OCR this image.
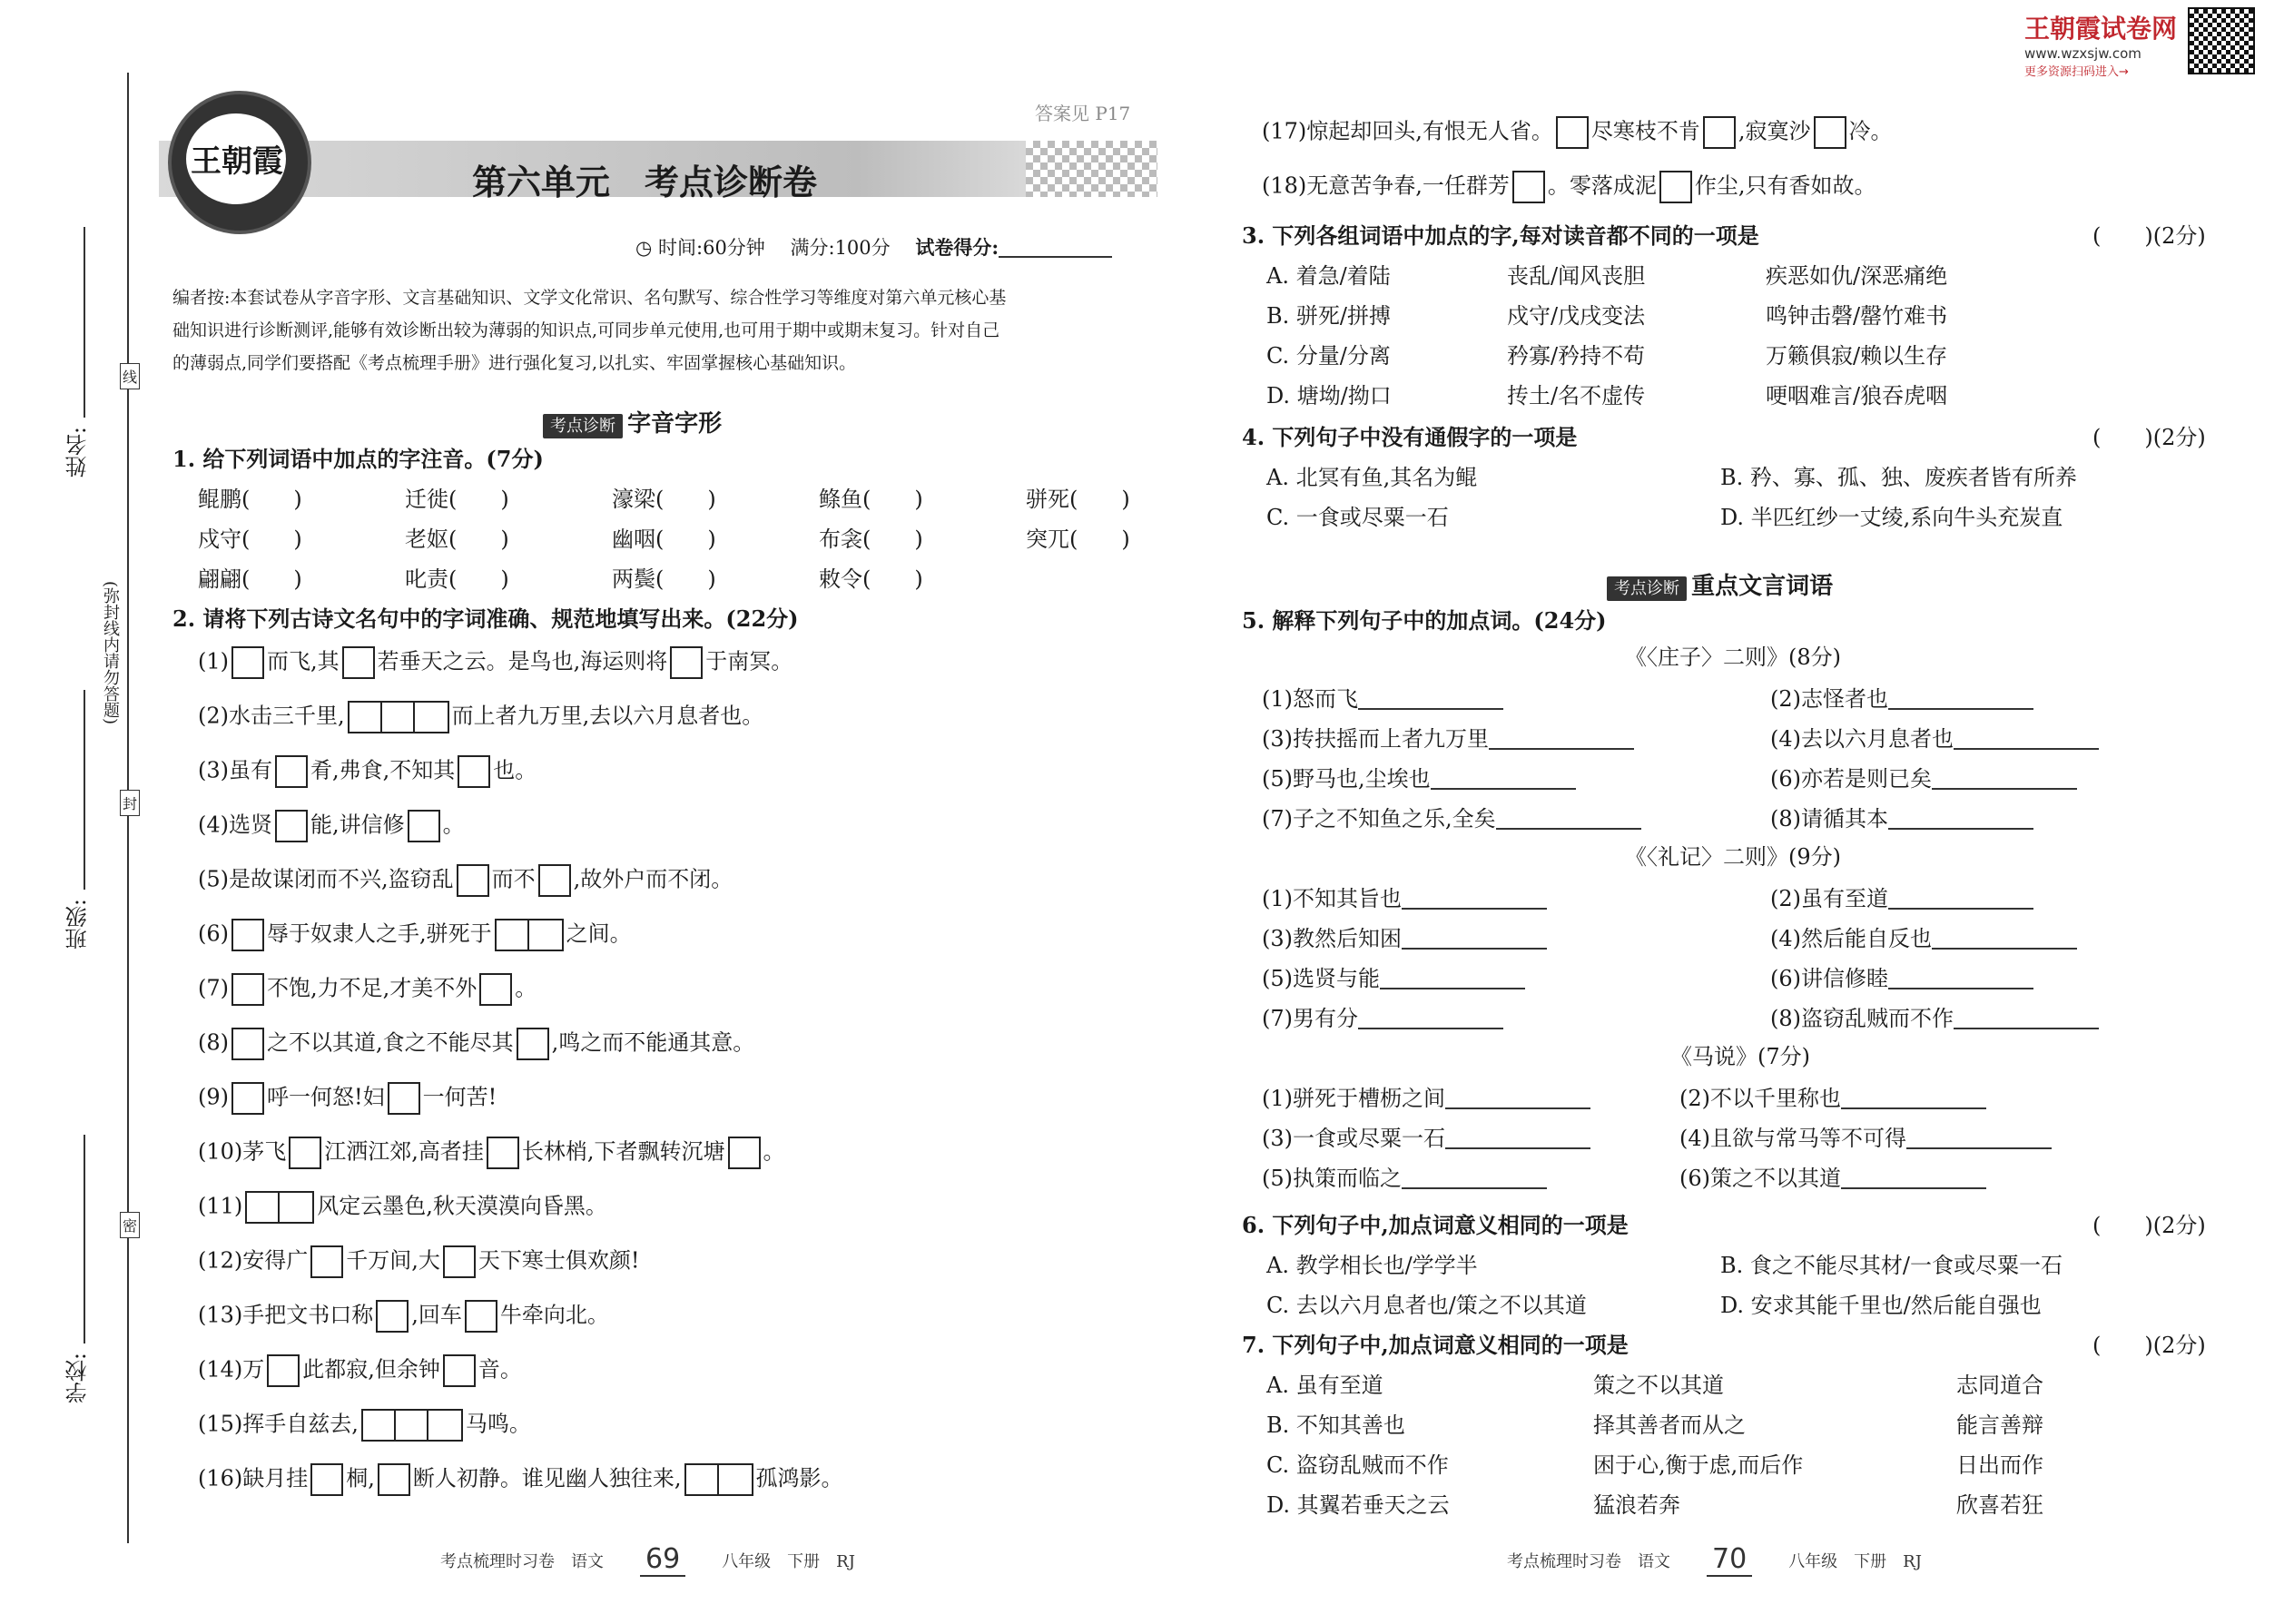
姓名:
班级:
学校:
(弥封线内请勿答题)
线
封
密
王朝霞
答案见 P17
第六单元　考点诊断卷
◷ 时间:60分钟　 满分:100分　 试卷得分:
编者按:本套试卷从字音字形、文言基础知识、文学文化常识、名句默写、综合性学习等维度对第六单元核心基
础知识进行诊断测评,能够有效诊断出较为薄弱的知识点,可同步单元使用,也可用于期中或期末复习。针对自己
的薄弱点,同学们要搭配《考点梳理手册》进行强化复习,以扎实、牢固掌握核心基础知识。
考点诊断 字音字形
1. 给下列词语中加点的字注音。(7分)
鲲鹏(　　)	迁徙(　　)	濠梁(　　)	鲦鱼(　　)	骈死(　　)
戍守(　　)	老妪(　　)	幽咽(　　)	布衾(　　)	突兀(　　)
翩翩(　　)	叱责(　　)	两鬓(　　)	敕令(　　)
2. 请将下列古诗文名句中的字词准确、规范地填写出来。(22分)
(1) 而飞,其 若垂天之云。是鸟也,海运则将 于南冥。
(2)水击三千里,	而上者九万里,去以六月息者也。
(3)虽有 肴,弗食,不知其 也。
(4)选贤 能,讲信修 。
(5)是故谋闭而不兴,盗窃乱 而不 ,故外户而不闭。
(6) 辱于奴隶人之手,骈死于	之间。
(7) 不饱,力不足,才美不外 。
(8) 之不以其道,食之不能尽其 ,鸣之而不能通其意。
(9) 呼一何怒!妇 一何苦!
(10)茅飞 江洒江郊,高者挂 长林梢,下者飘转沉塘 。
(11)	风定云墨色,秋天漠漠向昏黑。
(12)安得广 千万间,大 天下寒士俱欢颜!
(13)手把文书口称 ,回车 牛牵向北。
(14)万 此都寂,但余钟 音。
(15)挥手自兹去,	马鸣。
(16)缺月挂 桐, 断人初静。谁见幽人独往来,	孤鸿影。
考点梳理时习卷　语文 69	八年级　下册　RJ
王朝霞试卷网
www.wzxsjw.com
更多资源扫码进入→
(17)惊起却回头,有恨无人省。 尽寒枝不肯 ,寂寞沙 冷。
(18)无意苦争春,一任群芳 。零落成泥 作尘,只有香如故。
3. 下列各组词语中加点的字,每对读音都不同的一项是	(　　)(2分)
A. 着急/着陆	丧乱/闻风丧胆	疾恶如仇/深恶痛绝
B. 骈死/拼搏	戍守/戊戌变法	鸣钟击磬/罄竹难书
C. 分量/分离	矜寡/矜持不苟	万籁俱寂/赖以生存
D. 塘坳/拗口	抟土/名不虚传	哽咽难言/狼吞虎咽
4. 下列句子中没有通假字的一项是	(　　)(2分)
A. 北冥有鱼,其名为鲲	B. 矜、寡、孤、独、废疾者皆有所养
C. 一食或尽粟一石	D. 半匹红纱一丈绫,系向牛头充炭直
考点诊断 重点文言词语
5. 解释下列句子中的加点词。(24分)
《〈庄子〉二则》(8分)
(1)怒而飞	(2)志怪者也
(3)抟扶摇而上者九万里	(4)去以六月息者也
(5)野马也,尘埃也	(6)亦若是则已矣
(7)子之不知鱼之乐,全矣	(8)请循其本
《〈礼记〉二则》(9分)
(1)不知其旨也	(2)虽有至道
(3)教然后知困	(4)然后能自反也
(5)选贤与能	(6)讲信修睦
(7)男有分	(8)盗窃乱贼而不作
《马说》(7分)
(1)骈死于槽枥之间	(2)不以千里称也
(3)一食或尽粟一石	(4)且欲与常马等不可得
(5)执策而临之	(6)策之不以其道
6. 下列句子中,加点词意义相同的一项是	(　　)(2分)
A. 教学相长也/学学半	B. 食之不能尽其材/一食或尽粟一石
C. 去以六月息者也/策之不以其道	D. 安求其能千里也/然后能自强也
7. 下列句子中,加点词意义相同的一项是	(　　)(2分)
A. 虽有至道	策之不以其道	志同道合
B. 不知其善也	择其善者而从之	能言善辩
C. 盗窃乱贼而不作	困于心,衡于虑,而后作	日出而作
D. 其翼若垂天之云	猛浪若奔	欣喜若狂
考点梳理时习卷　语文 70	八年级　下册　RJ
